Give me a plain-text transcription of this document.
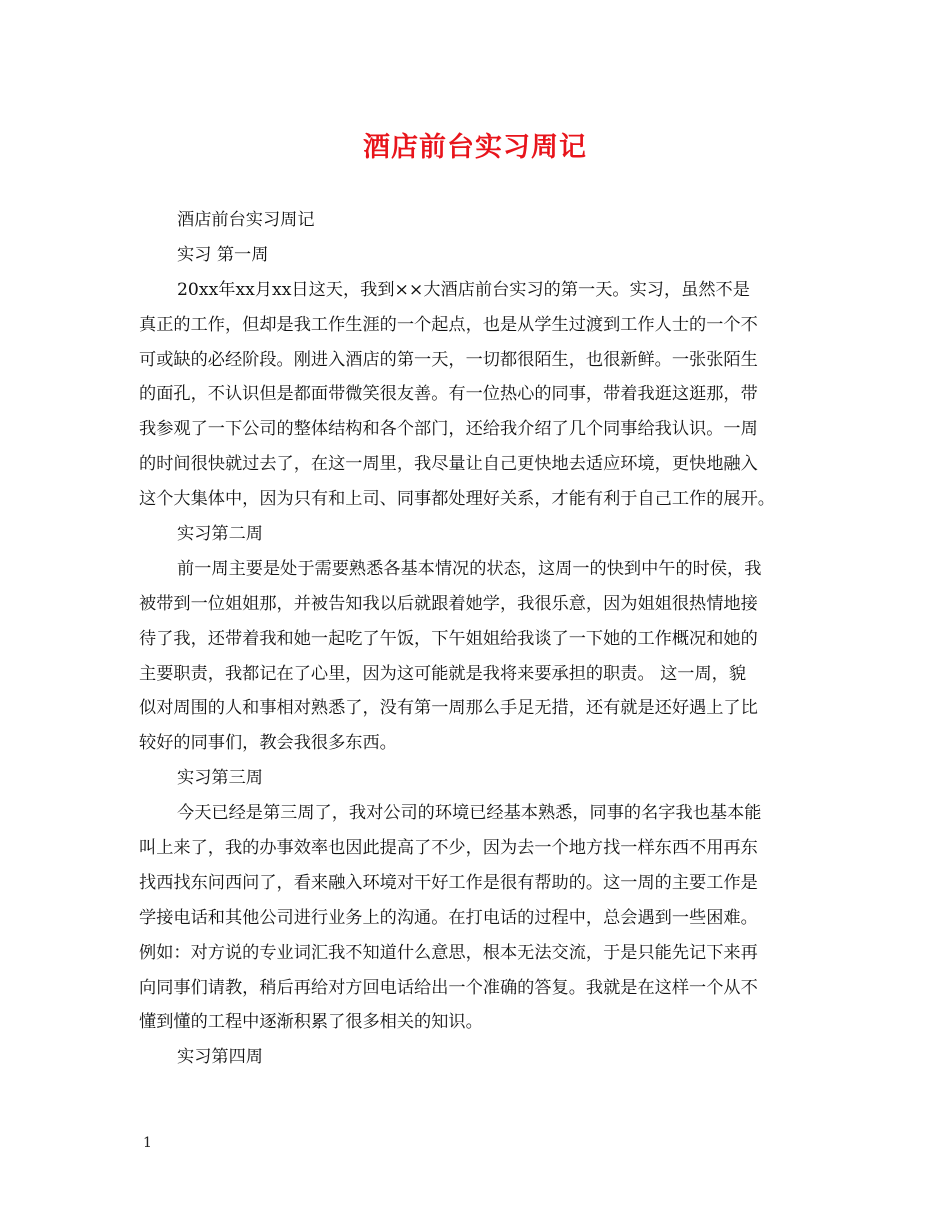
酒店前台实习周记
酒店前台实习周记
实习 第一周
20xx年xx月xx日这天，我到××大酒店前台实习的第一天。实习，虽然不是
真正的工作，但却是我工作生涯的一个起点，也是从学生过渡到工作人士的一个不
可或缺的必经阶段。刚进入酒店的第一天，一切都很陌生，也很新鲜。一张张陌生
的面孔，不认识但是都面带微笑很友善。有一位热心的同事，带着我逛这逛那，带
我参观了一下公司的整体结构和各个部门，还给我介绍了几个同事给我认识。一周
的时间很快就过去了，在这一周里，我尽量让自己更快地去适应环境，更快地融入
这个大集体中，因为只有和上司、同事都处理好关系，才能有利于自己工作的展开。
实习第二周
前一周主要是处于需要熟悉各基本情况的状态，这周一的快到中午的时侯，我
被带到一位姐姐那，并被告知我以后就跟着她学，我很乐意，因为姐姐很热情地接
待了我，还带着我和她一起吃了午饭，下午姐姐给我谈了一下她的工作概况和她的
主要职责，我都记在了心里，因为这可能就是我将来要承担的职责。 这一周，貌
似对周围的人和事相对熟悉了，没有第一周那么手足无措，还有就是还好遇上了比
较好的同事们，教会我很多东西。
实习第三周
今天已经是第三周了，我对公司的环境已经基本熟悉，同事的名字我也基本能
叫上来了，我的办事效率也因此提高了不少，因为去一个地方找一样东西不用再东
找西找东问西问了，看来融入环境对干好工作是很有帮助的。这一周的主要工作是
学接电话和其他公司进行业务上的沟通。在打电话的过程中，总会遇到一些困难。
例如：对方说的专业词汇我不知道什么意思，根本无法交流，于是只能先记下来再
向同事们请教，稍后再给对方回电话给出一个准确的答复。我就是在这样一个从不
懂到懂的工程中逐渐积累了很多相关的知识。
实习第四周
1
